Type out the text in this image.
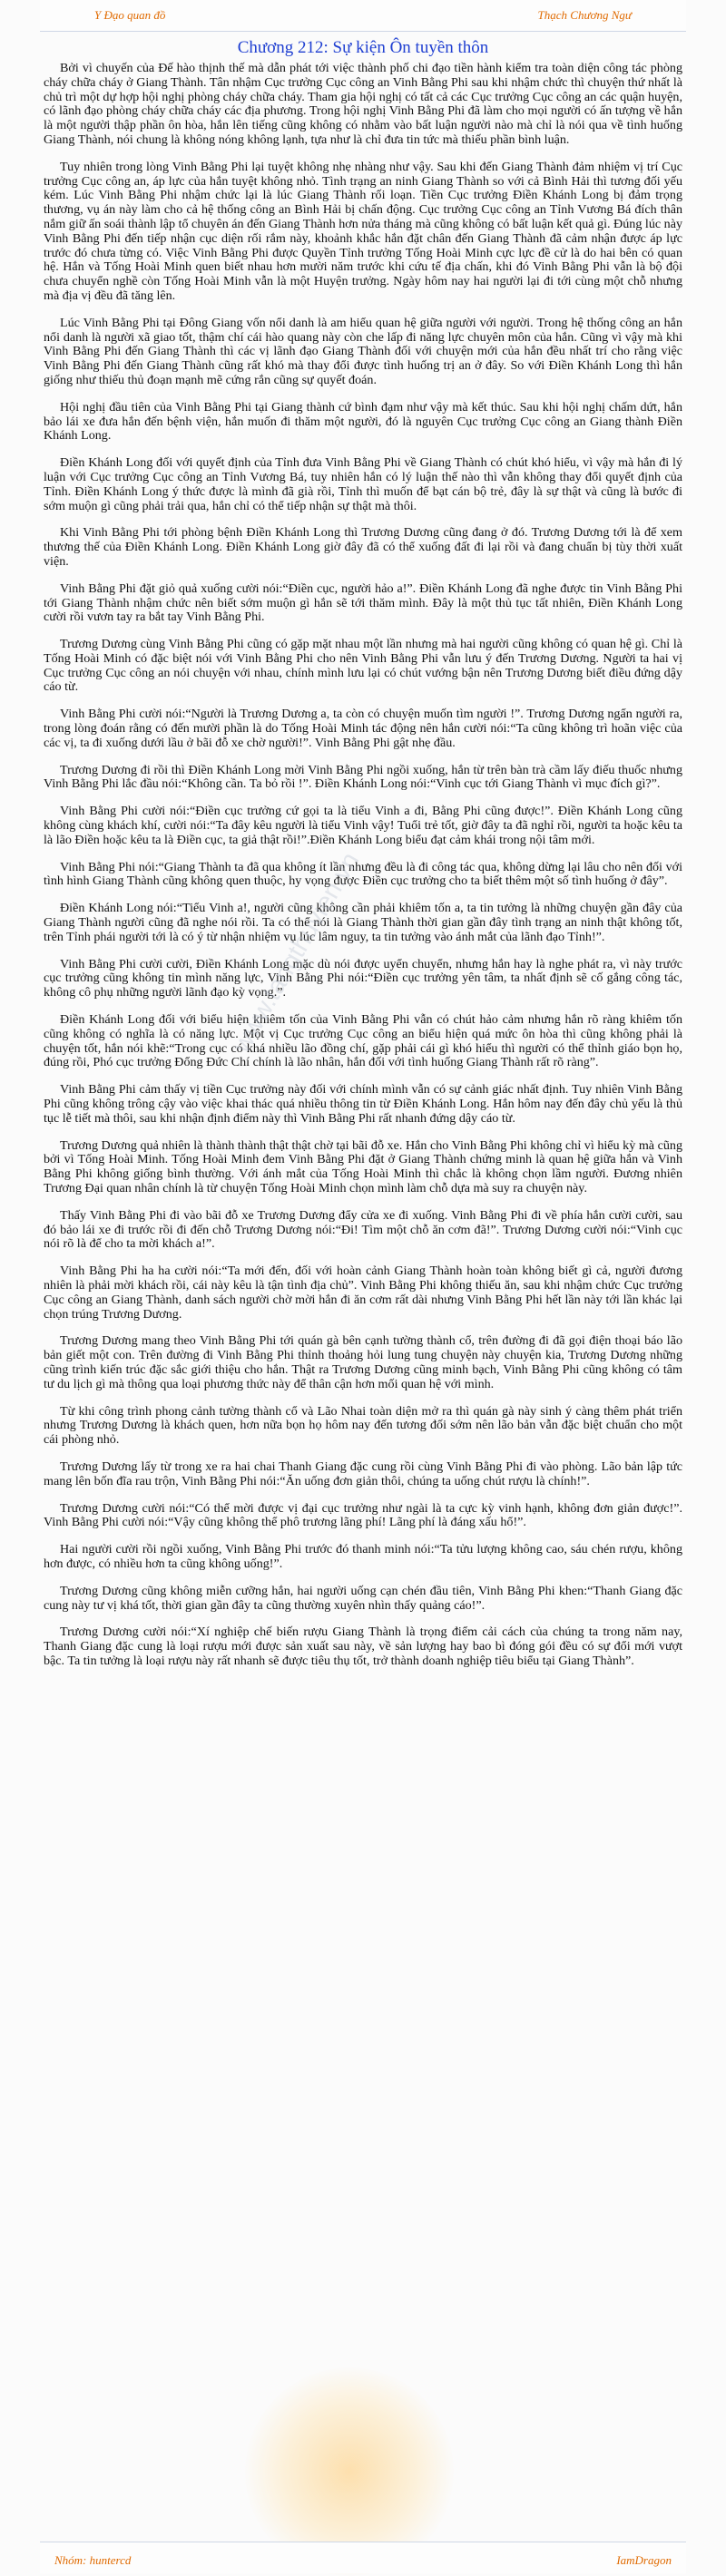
Y Đạo quan đồ	Thạch Chương Ngư
Chương 212: Sự kiện Ôn tuyền thôn

Bởi vì chuyến của Đế hào thịnh thế mà dẫn phát tới việc thành phố chi đạo tiền hành kiểm tra toàn diện công tác phòng cháy chữa cháy ở Giang Thành. Tân nhậm Cục trưởng Cục công an Vinh Bằng Phi sau khi nhậm chức thì chuyện thứ nhất là chủ trì một dự hợp hội nghị phòng cháy chữa cháy. Tham gia hội nghị có tất cả các Cục trưởng Cục công an các quận huyện, có lãnh đạo phòng cháy chữa cháy các địa phương. Trong hội nghị Vinh Bằng Phi đã làm cho mọi người có ấn tượng về hắn là một người thập phần ôn hòa, hắn lên tiếng cũng không có nhằm vào bất luận người nào mà chỉ là nói qua về tình huống Giang Thành, nói chung là không nóng không lạnh, tựa như là chỉ đưa tin tức mà thiếu phần bình luận.

Tuy nhiên trong lòng Vinh Bằng Phi lại tuyệt không nhẹ nhàng như vậy. Sau khi đến Giang Thành đảm nhiệm vị trí Cục trưởng Cục công an, áp lực của hắn tuyệt không nhỏ. Tình trạng an ninh Giang Thành so với cả Bình Hải thì tương đối yếu kém. Lúc Vinh Bằng Phi nhậm chức lại là lúc Giang Thành rối loạn. Tiền Cục trưởng Điền Khánh Long bị đảm trọng thương, vụ án này làm cho cả hệ thống công an Bình Hải bị chấn động. Cục trưởng Cục công an Tỉnh Vương Bá đích thân nắm giữ ấn soái thành lập tổ chuyên án đến Giang Thành hơn nửa tháng mà cũng không có bất luận kết quả gì. Đúng lúc này Vinh Bằng Phi đến tiếp nhận cục diện rối rắm này, khoảnh khắc hắn đặt chân đến Giang Thành đã cảm nhận được áp lực trước đó chưa từng có. Việc Vinh Bằng Phi được Quyền Tỉnh trưởng Tống Hoài Minh cực lực đề cử là do hai bên có quan hệ. Hắn và Tống Hoài Minh quen biết nhau hơn mười năm trước khi cứu tế địa chấn, khi đó Vinh Bằng Phi vẫn là bộ đội chưa chuyển nghề còn Tống Hoài Minh vẫn là một Huyện trưởng. Ngày hôm nay hai người lại đi tới cùng một chỗ nhưng mà địa vị đều đã tăng lên.

Lúc Vinh Bằng Phi tại Đông Giang vốn nổi danh là am hiểu quan hệ giữa người với người. Trong hệ thống công an hắn nổi danh là người xã giao tốt, thậm chí cái hào quang này còn che lấp đi năng lực chuyên môn của hắn. Cũng vì vậy mà khi Vinh Bằng Phi đến Giang Thành thì các vị lãnh đạo Giang Thành đối với chuyện mới của hắn đều nhất trí cho rằng việc Vinh Bằng Phi đến Giang Thành cũng rất khó mà thay đổi được tình huống trị an ở đây. So với Điền Khánh Long thì hắn giống như thiếu thủ đoạn mạnh mẽ cứng rắn cũng sự quyết đoán.

Hội nghị đầu tiên của Vinh Bằng Phi tại Giang thành cứ bình đạm như vậy mà kết thúc. Sau khi hội nghị chấm dứt, hắn bảo lái xe đưa hắn đến bệnh viện, hắn muốn đi thăm một người, đó là nguyên Cục trưởng Cục công an Giang thành Điền Khánh Long.

Điền Khánh Long đối với quyết định của Tỉnh đưa Vinh Bằng Phi về Giang Thành có chút khó hiểu, vì vậy mà hắn đi lý luận với Cục trưởng Cục công an Tỉnh Vương Bá, tuy nhiên hắn có lý luận thế nào thì vẫn không thay đổi quyết định của Tỉnh. Điền Khánh Long ý thức được là mình đã già rồi, Tỉnh thì muốn để bạt cán bộ trẻ, đây là sự thật và cũng là bước đi sớm muộn gì cũng phải trải qua, hắn chỉ có thể tiếp nhận sự thật mà thôi.

Khi Vinh Bằng Phi tới phòng bệnh Điền Khánh Long thì Trương Dương cũng đang ở đó. Trương Dương tới là để xem thương thế của Điền Khánh Long. Điền Khánh Long giờ đây đã có thể xuống đất đi lại rồi và đang chuẩn bị tùy thời xuất viện.

Vinh Bằng Phi đặt giỏ quả xuống cười nói:“Điền cục, người hảo a!”. Điền Khánh Long đã nghe được tin Vinh Bằng Phi tới Giang Thành nhậm chức nên biết sớm muộn gì hắn sẽ tới thăm mình. Đây là một thủ tục tất nhiên, Điền Khánh Long cười rồi vươn tay ra bắt tay Vinh Bằng Phi.

Trương Dương cùng Vinh Bằng Phi cũng có gặp mặt nhau một lần nhưng mà hai người cũng không có quan hệ gì. Chỉ là Tống Hoài Minh có đặc biệt nói với Vinh Bằng Phi cho nên Vinh Bằng Phi vẫn lưu ý đến Trương Dương. Người ta hai vị Cục trưởng Cục công an nói chuyện với nhau, chính mình lưu lại có chút vướng bận nên Trương Dương biết điều đứng dậy cáo từ.

Vinh Bằng Phi cười nói:“Người là Trương Dương a, ta còn có chuyện muốn tìm người !”. Trương Dương ngẩn người ra, trong lòng đoán rằng có đến mười phần là do Tống Hoài Minh tác động nên hắn cười nói:“Ta cũng không trì hoãn việc của các vị, ta đi xuống dưới lầu ở bãi đỗ xe chờ người!”. Vinh Bằng Phi gật nhẹ đầu.

Trương Dương đi rồi thì Điền Khánh Long mời Vinh Bằng Phi ngồi xuống, hắn từ trên bàn trà cầm lấy điếu thuốc nhưng Vinh Bằng Phi lắc đầu nói:“Không cần. Ta bỏ rồi !”. Điền Khánh Long nói:“Vinh cục tới Giang Thành vì mục đích gì?”.

Vinh Bằng Phi cười nói:“Điền cục trưởng cứ gọi ta là tiểu Vinh a đi, Bằng Phi cũng được!”. Điền Khánh Long cũng không cùng khách khí, cười nói:“Ta đây kêu người là tiểu Vinh vậy! Tuổi trẻ tốt, giờ đây ta đã nghỉ rồi, người ta hoặc kêu ta là lão Điền hoặc kêu ta là Điền cục, ta giả thật rồi!”.Điền Khánh Long biểu đạt cảm khái trong nội tâm mới.

Vinh Bằng Phi nói:“Giang Thành ta đã qua không ít lần nhưng đều là đi công tác qua, không dừng lại lâu cho nên đối với tình hình Giang Thành cũng không quen thuộc, hy vọng được Điền cục trưởng cho ta biết thêm một số tình huống ở đây”.

Điền Khánh Long nói:“Tiểu Vinh a!, người cũng không cần phải khiêm tốn a, ta tin tưởng là những chuyện gần đây của Giang Thành người cũng đã nghe nói rồi. Ta có thể nói là Giang Thành thời gian gần đây tình trạng an ninh thật không tốt, trên Tỉnh phái người tới là có ý từ nhận nhiệm vụ lúc lâm nguy, ta tin tưởng vào ánh mắt của lãnh đạo Tỉnh!”.

Vinh Bằng Phi cười cười, Điền Khánh Long mặc dù nói được uyển chuyển, nhưng hắn hay là nghe phát ra, vì này trước cục trưởng cũng không tin mình năng lực, Vinh Bằng Phi nói:“Điền cục trưởng yên tâm, ta nhất định sẽ cố gắng công tác, không cô phụ những người lãnh đạo kỳ vọng.”.

Điền Khánh Long đối với biểu hiện khiêm tốn của Vinh Bằng Phi vẫn có chút hảo cảm nhưng hắn rõ ràng khiêm tốn cũng không có nghĩa là có năng lực. Một vị Cục trưởng Cục công an biểu hiện quá mức ôn hòa thì cũng không phải là chuyện tốt, hắn nói khẽ:“Trong cục có khá nhiều lão đồng chí, gặp phải cái gì khó hiểu thì người có thể thỉnh giáo bọn họ, đúng rồi, Phó cục trưởng Đổng Đức Chí chính là lão nhân, hắn đối với tình huống Giang Thành rất rõ ràng”.

Vinh Bằng Phi cảm thấy vị tiền Cục trưởng này đối với chính mình vẫn có sự cảnh giác nhất định. Tuy nhiên Vinh Bằng Phi cũng không trông cậy vào việc khai thác quá nhiều thông tin từ Điền Khánh Long. Hắn hôm nay đến đây chủ yếu là thủ tục lễ tiết mà thôi, sau khi nhận định điểm này thì Vinh Bằng Phi rất nhanh đứng dậy cáo từ.

Trương Dương quả nhiên là thành thành thật thật chờ tại bãi đỗ xe. Hắn cho Vinh Bằng Phi không chỉ vì hiểu kỳ mà cũng bởi vì Tống Hoài Minh. Tống Hoài Minh đem Vinh Bằng Phi đặt ở Giang Thành chứng minh là quan hệ giữa hắn và Vinh Bằng Phi không giống bình thường. Với ánh mắt của Tống Hoài Minh thì chắc là không chọn lầm người. Đương nhiên Trương Đại quan nhân chính là từ chuyện Tống Hoài Minh chọn mình làm chỗ dựa mà suy ra chuyện này.

Thấy Vinh Bằng Phi đi vào bãi đỗ xe Trương Dương đẩy cửa xe đi xuống. Vinh Bằng Phi đi về phía hắn cười cười, sau đó bảo lái xe đi trước rồi đi đến chỗ Trương Dương nói:“Đi! Tìm một chỗ ăn cơm đã!”. Trương Dương cười nói:“Vinh cục nói rõ là để cho ta mời khách a!”.

Vinh Bằng Phi ha ha cười nói:“Ta mới đến, đối với hoàn cảnh Giang Thành hoàn toàn không biết gì cả, người đương nhiên là phải mời khách rồi, cái này kêu là tận tình địa chủ”. Vinh Bằng Phi không thiếu ăn, sau khi nhậm chức Cục trưởng Cục công an Giang Thành, danh sách người chờ mời hắn đi ăn cơm rất dài nhưng Vinh Bằng Phi hết lần này tới lần khác lại chọn trúng Trương Dương.

Trương Dương mang theo Vinh Bằng Phi tới quán gà bên cạnh tường thành cổ, trên đường đi đã gọi điện thoại báo lão bản giết một con. Trên đường đi Vinh Bằng Phi thỉnh thoảng hỏi lung tung chuyện này chuyện kia, Trương Dương những cũng trình kiến trúc đặc sắc giới thiệu cho hắn. Thật ra Trương Dương cũng minh bạch, Vinh Bằng Phi cũng không có tâm tư du lịch gì mà thông qua loại phương thức này để thân cận hơn mối quan hệ với mình.

Từ khi công trình phong cảnh tường thành cổ và Lão Nhai toàn diện mở ra thì quán gà này sinh ý càng thêm phát triển nhưng Trương Dương là khách quen, hơn nữa bọn họ hôm nay đến tương đối sớm nên lão bản vẫn đặc biệt chuẩn cho một cái phòng nhỏ.

Trương Dương lấy từ trong xe ra hai chai Thanh Giang đặc cung rồi cùng Vinh Bằng Phi đi vào phòng. Lão bản lập tức mang lên bốn đĩa rau trộn, Vinh Bằng Phi nói:“Ăn uống đơn giản thôi, chúng ta uống chút rượu là chính!”.

Trương Dương cười nói:“Có thể mời được vị đại cục trưởng như ngài là ta cực kỳ vinh hạnh, không đơn giản được!”. Vinh Bằng Phi cười nói:“Vậy cũng không thể phô trương lãng phí! Lãng phí là đáng xấu hổ!”.

Hai người cười rồi ngồi xuống, Vinh Bằng Phi trước đó thanh minh nói:“Ta tửu lượng không cao, sáu chén rượu, không hơn được, có nhiều hơn ta cũng không uống!”.

Trương Dương cũng không miễn cưỡng hắn, hai người uống cạn chén đầu tiên, Vinh Bằng Phi khen:“Thanh Giang đặc cung này tư vị khá tốt, thời gian gần đây ta cũng thường xuyên nhìn thấy quảng cáo!”.

Trương Dương cười nói:“Xí nghiệp chế biến rượu Giang Thành là trọng điểm cải cách của chúng ta trong năm nay, Thanh Giang đặc cung là loại rượu mới được sản xuất sau này, về sản lượng hay bao bì đóng gói đều có sự đổi mới vượt bậc. Ta tin tưởng là loại rượu này rất nhanh sẽ được tiêu thụ tốt, trở thành doanh nghiệp tiêu biểu tại Giang Thành”.

www.tangthuvien.vn
Nhóm: huntercd	IamDragon
